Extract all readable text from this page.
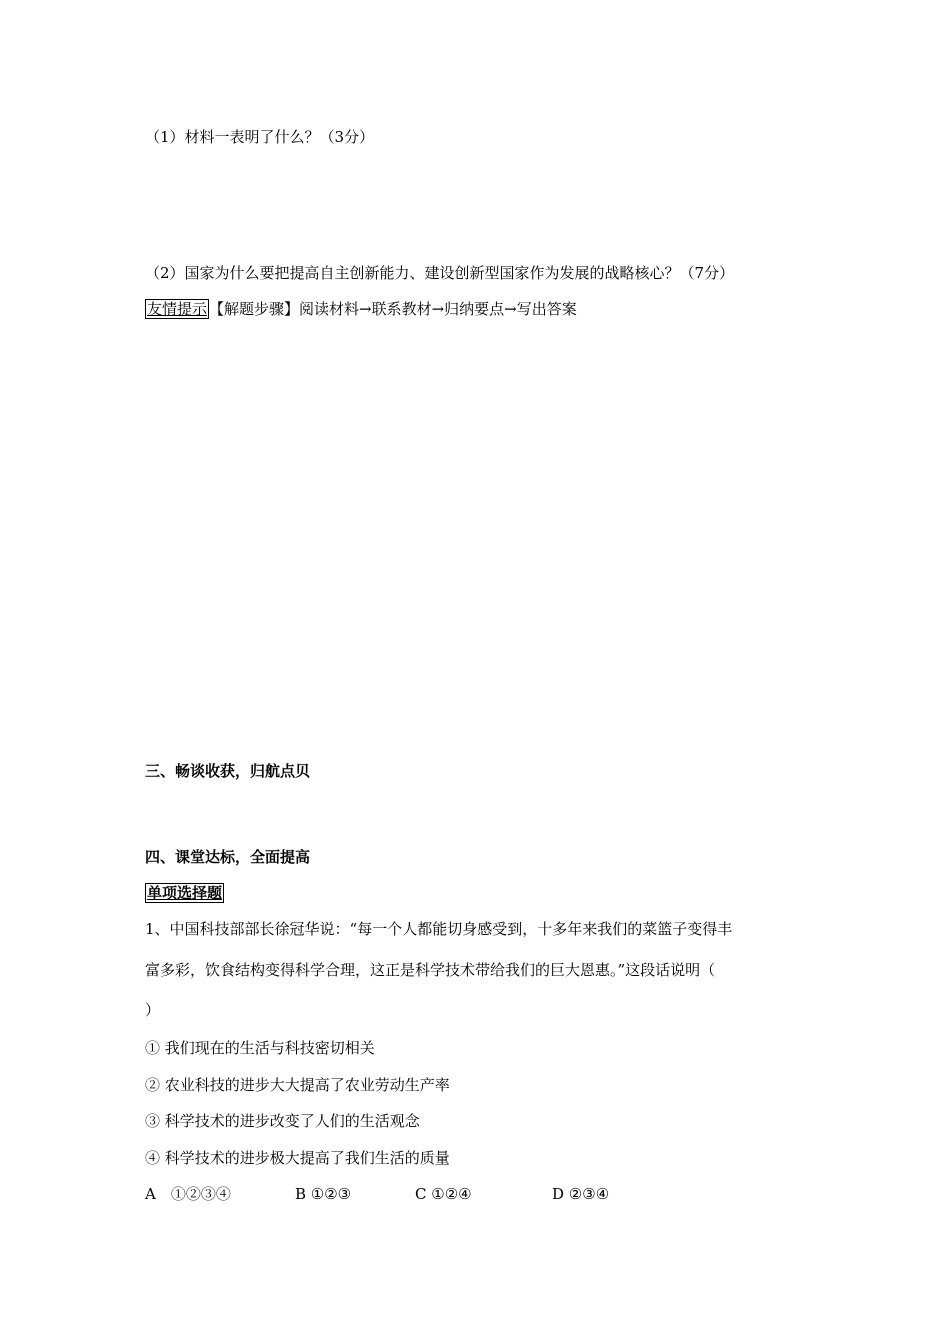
（1）材料一表明了什么？（3分）
（2）国家为什么要把提高自主创新能力、建设创新型国家作为发展的战略核心？（7分）
友情提示 【解题步骤】阅读材料→联系教材→归纳要点→写出答案
三、畅谈收获，归航点贝
四、课堂达标，全面提高
单项选择题
1、中国科技部部长徐冠华说：“每一个人都能切身感受到，十多年来我们的菜篮子变得丰
富多彩，饮食结构变得科学合理，这正是科学技术带给我们的巨大恩惠。”这段话说明（
）
① 我们现在的生活与科技密切相关
② 农业科技的进步大大提高了农业劳动生产率
③ 科学技术的进步改变了人们的生活观念
④ 科学技术的进步极大提高了我们生活的质量
A　①②③④	B ①②③	C ①②④	D ②③④
